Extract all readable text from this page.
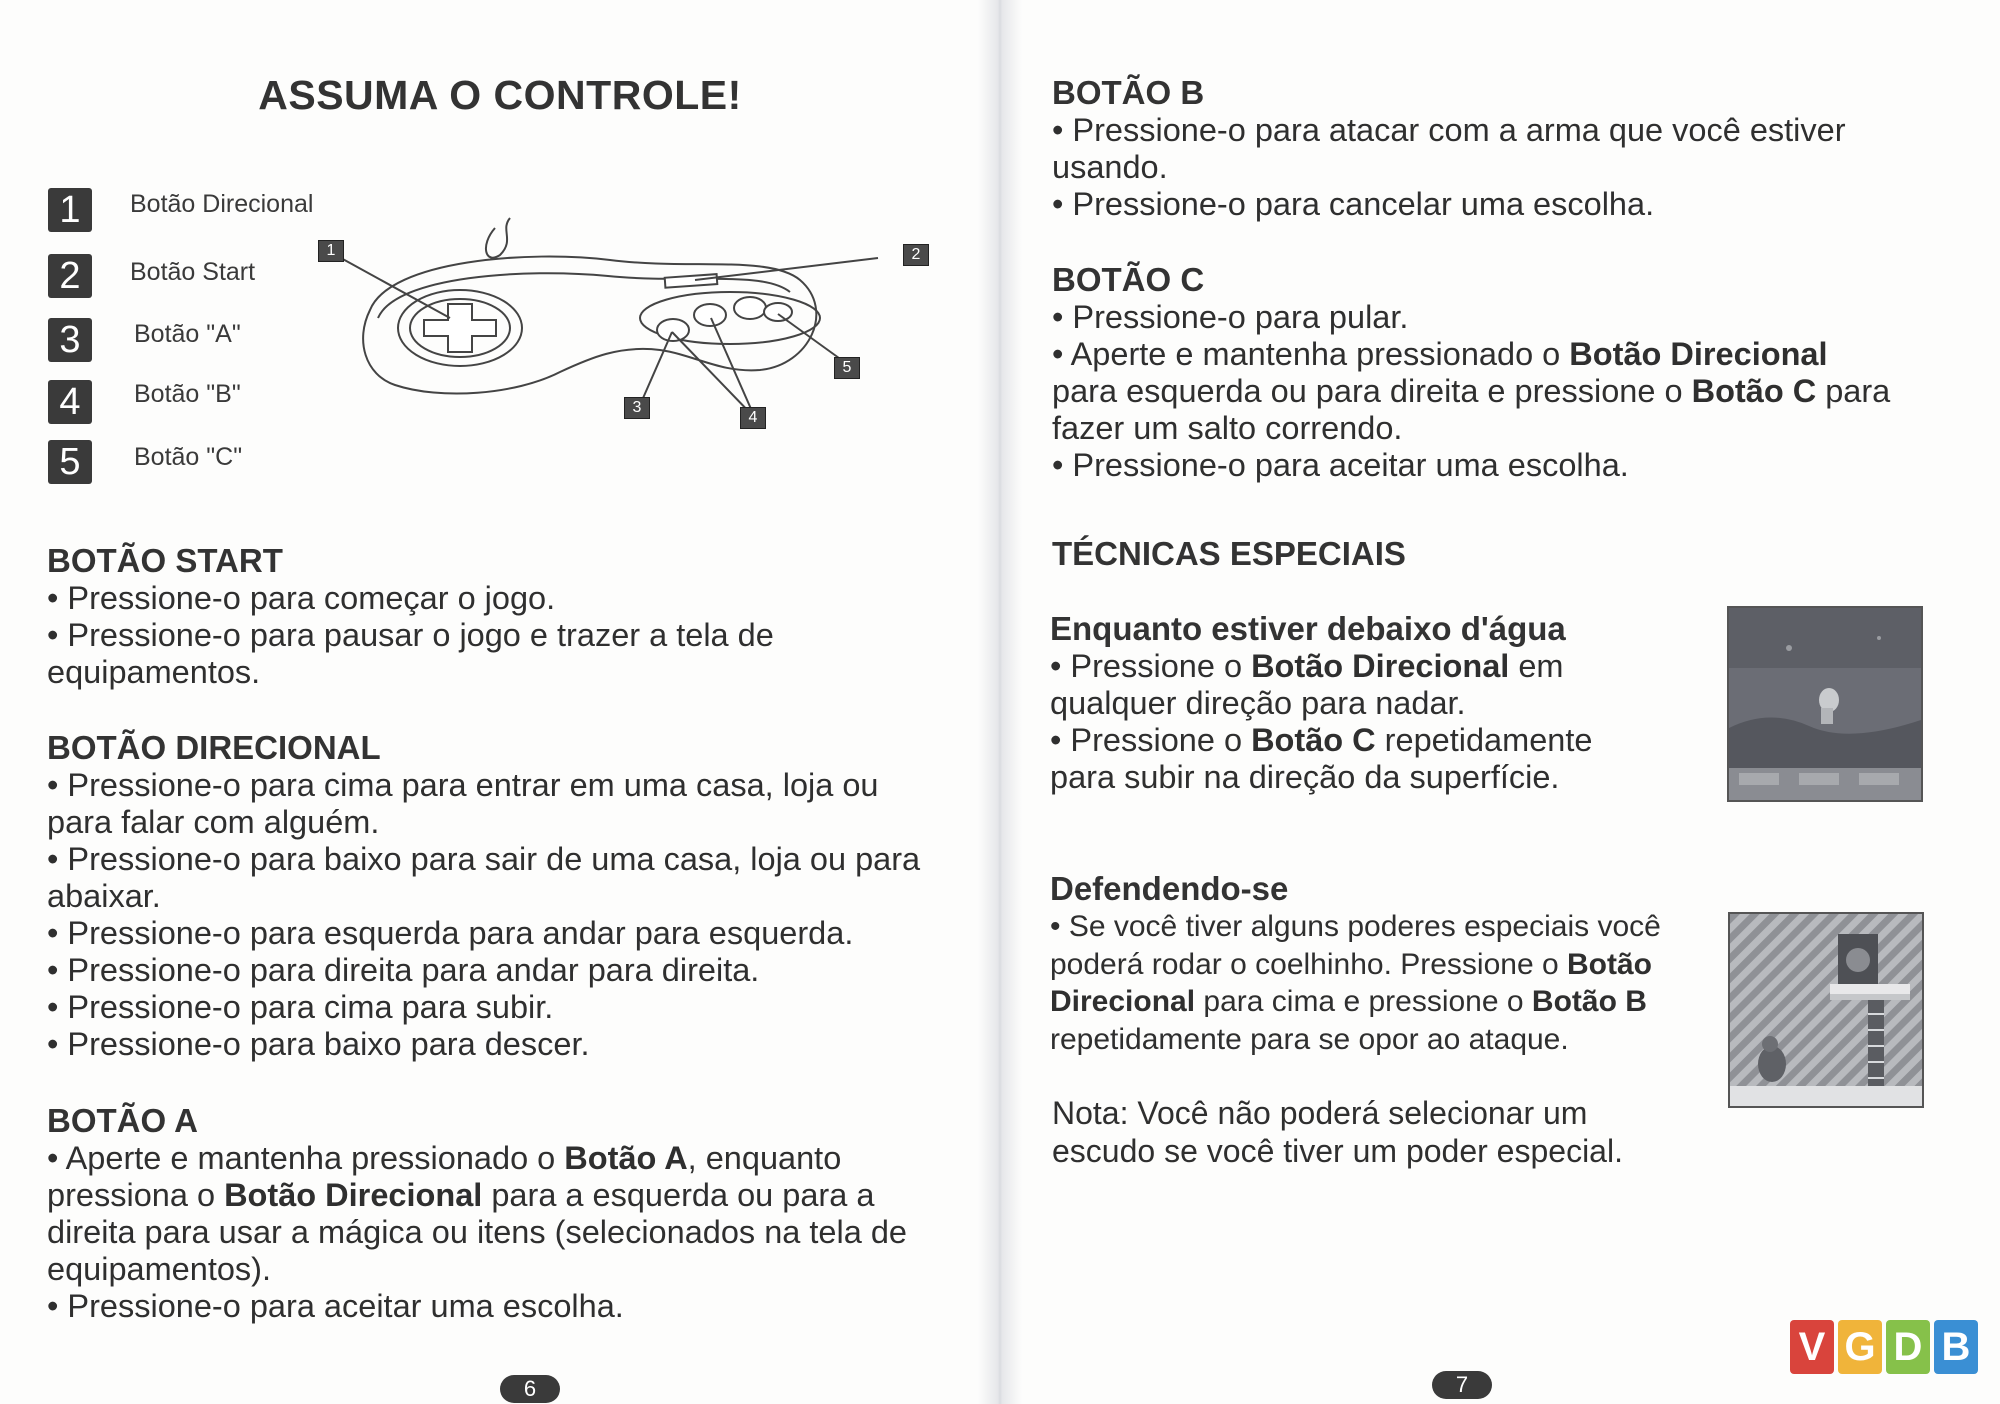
ASSUMA O CONTROLE!
1	Botão Direcional
2	Botão Start
3	Botão "A"
4	Botão "B"
5	Botão "C"
1	2
3
4
5
BOTÃO START

• Pressione-o para começar o jogo.

• Pressione-o para pausar o jogo e trazer a tela de

equipamentos.

BOTÃO DIRECIONAL

• Pressione-o para cima para entrar em uma casa, loja ou

para falar com alguém.

• Pressione-o para baixo para sair de uma casa, loja ou para

abaixar.

• Pressione-o para esquerda para andar para esquerda.

• Pressione-o para direita para andar para direita.

• Pressione-o para cima para subir.

• Pressione-o para baixo para descer.

BOTÃO A

• Aperte e mantenha pressionado o Botão A, enquanto

pressiona o Botão Direcional para a esquerda ou para a

direita para usar a mágica ou itens (selecionados na tela de

equipamentos).

• Pressione-o para aceitar uma escolha.

6
BOTÃO B

• Pressione-o para atacar com a arma que você estiver

usando.

• Pressione-o para cancelar uma escolha.

BOTÃO C

• Pressione-o para pular.

• Aperte e mantenha pressionado o Botão Direcional

para esquerda ou para direita e pressione o Botão C para

fazer um salto correndo.

• Pressione-o para aceitar uma escolha.

TÉCNICAS ESPECIAIS
Enquanto estiver debaixo d'água

• Pressione o Botão Direcional em

qualquer direção para nadar.

• Pressione o Botão C repetidamente

para subir na direção da superfície.

Defendendo-se

• Se você tiver alguns poderes especiais você

poderá rodar o coelhinho. Pressione o Botão

Direcional para cima e pressione o Botão B

repetidamente para se opor ao ataque.

Nota: Você não poderá selecionar um

escudo se você tiver um poder especial.

7
V G D B
